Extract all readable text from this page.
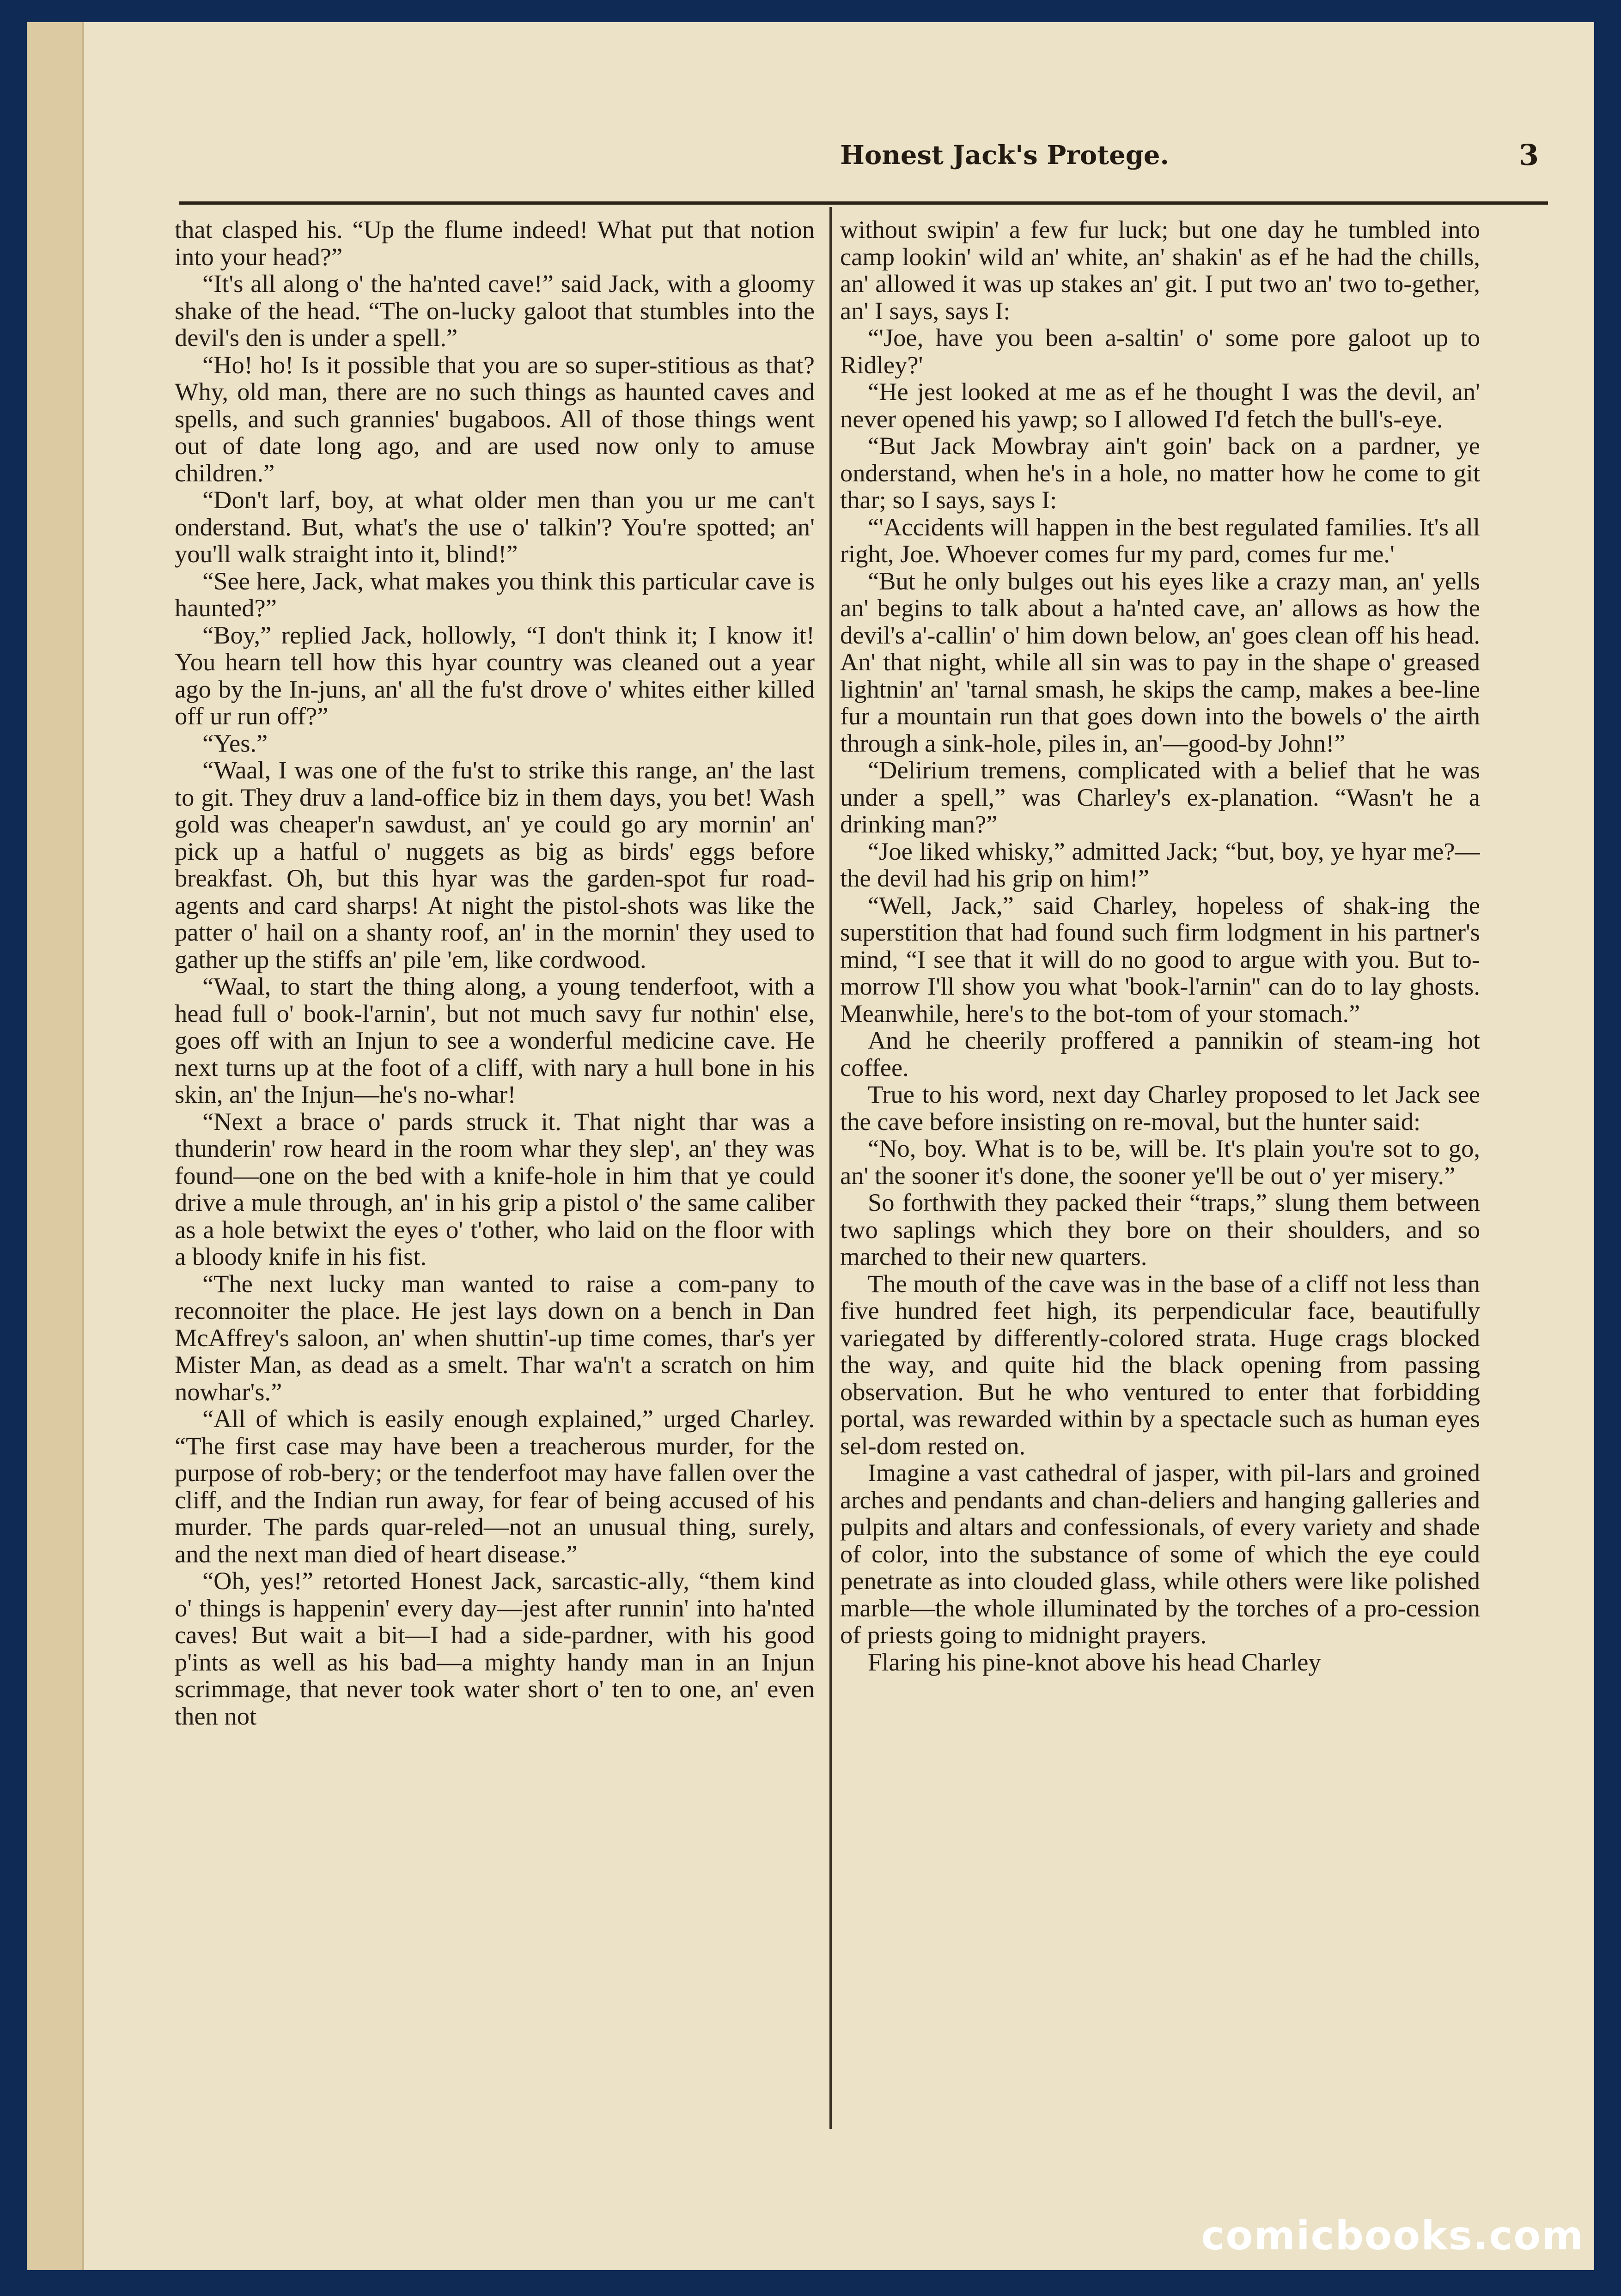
Honest Jack's Protege.	3

that clasped his. “Up the flume indeed! What put that notion into your head?”

“It's all along o' the ha'nted cave!” said Jack, with a gloomy shake of the head. “The on-lucky galoot that stumbles into the devil's den is under a spell.”

“Ho! ho! Is it possible that you are so super-stitious as that? Why, old man, there are no such things as haunted caves and spells, and such grannies' bugaboos. All of those things went out of date long ago, and are used now only to amuse children.”

“Don't larf, boy, at what older men than you ur me can't onderstand. But, what's the use o' talkin'? You're spotted; an' you'll walk straight into it, blind!”

“See here, Jack, what makes you think this particular cave is haunted?”

“Boy,” replied Jack, hollowly, “I don't think it; I know it! You hearn tell how this hyar country was cleaned out a year ago by the In-juns, an' all the fu'st drove o' whites either killed off ur run off?”

“Yes.”

“Waal, I was one of the fu'st to strike this range, an' the last to git. They druv a land-office biz in them days, you bet! Wash gold was cheaper'n sawdust, an' ye could go ary mornin' an' pick up a hatful o' nuggets as big as birds' eggs before breakfast. Oh, but this hyar was the garden-spot fur road-agents and card sharps! At night the pistol-shots was like the patter o' hail on a shanty roof, an' in the mornin' they used to gather up the stiffs an' pile 'em, like cordwood.

“Waal, to start the thing along, a young tenderfoot, with a head full o' book-l'arnin', but not much savy fur nothin' else, goes off with an Injun to see a wonderful medicine cave. He next turns up at the foot of a cliff, with nary a hull bone in his skin, an' the Injun—he's no-whar!

“Next a brace o' pards struck it. That night thar was a thunderin' row heard in the room whar they slep', an' they was found—one on the bed with a knife-hole in him that ye could drive a mule through, an' in his grip a pistol o' the same caliber as a hole betwixt the eyes o' t'other, who laid on the floor with a bloody knife in his fist.

“The next lucky man wanted to raise a com-pany to reconnoiter the place. He jest lays down on a bench in Dan McAffrey's saloon, an' when shuttin'-up time comes, thar's yer Mister Man, as dead as a smelt. Thar wa'n't a scratch on him nowhar's.”

“All of which is easily enough explained,” urged Charley. “The first case may have been a treacherous murder, for the purpose of rob-bery; or the tenderfoot may have fallen over the cliff, and the Indian run away, for fear of being accused of his murder. The pards quar-reled—not an unusual thing, surely, and the next man died of heart disease.”

“Oh, yes!” retorted Honest Jack, sarcastic-ally, “them kind o' things is happenin' every day—jest after runnin' into ha'nted caves! But wait a bit—I had a side-pardner, with his good p'ints as well as his bad—a mighty handy man in an Injun scrimmage, that never took water short o' ten to one, an' even then not

without swipin' a few fur luck; but one day he tumbled into camp lookin' wild an' white, an' shakin' as ef he had the chills, an' allowed it was up stakes an' git. I put two an' two to-gether, an' I says, says I:

“'Joe, have you been a-saltin' o' some pore galoot up to Ridley?'

“He jest looked at me as ef he thought I was the devil, an' never opened his yawp; so I allowed I'd fetch the bull's-eye.

“But Jack Mowbray ain't goin' back on a pardner, ye onderstand, when he's in a hole, no matter how he come to git thar; so I says, says I:

“'Accidents will happen in the best regulated families. It's all right, Joe. Whoever comes fur my pard, comes fur me.'

“But he only bulges out his eyes like a crazy man, an' yells an' begins to talk about a ha'nted cave, an' allows as how the devil's a'-callin' o' him down below, an' goes clean off his head. An' that night, while all sin was to pay in the shape o' greased lightnin' an' 'tarnal smash, he skips the camp, makes a bee-line fur a mountain run that goes down into the bowels o' the airth through a sink-hole, piles in, an'—good-by John!”

“Delirium tremens, complicated with a belief that he was under a spell,” was Charley's ex-planation. “Wasn't he a drinking man?”

“Joe liked whisky,” admitted Jack; “but, boy, ye hyar me?—the devil had his grip on him!”

“Well, Jack,” said Charley, hopeless of shak-ing the superstition that had found such firm lodgment in his partner's mind, “I see that it will do no good to argue with you. But to-morrow I'll show you what 'book-l'arnin'' can do to lay ghosts. Meanwhile, here's to the bot-tom of your stomach.”

And he cheerily proffered a pannikin of steam-ing hot coffee.

True to his word, next day Charley proposed to let Jack see the cave before insisting on re-moval, but the hunter said:

“No, boy. What is to be, will be. It's plain you're sot to go, an' the sooner it's done, the sooner ye'll be out o' yer misery.”

So forthwith they packed their “traps,” slung them between two saplings which they bore on their shoulders, and so marched to their new quarters.

The mouth of the cave was in the base of a cliff not less than five hundred feet high, its perpendicular face, beautifully variegated by differently-colored strata. Huge crags blocked the way, and quite hid the black opening from passing observation. But he who ventured to enter that forbidding portal, was rewarded within by a spectacle such as human eyes sel-dom rested on.

Imagine a vast cathedral of jasper, with pil-lars and groined arches and pendants and chan-deliers and hanging galleries and pulpits and altars and confessionals, of every variety and shade of color, into the substance of some of which the eye could penetrate as into clouded glass, while others were like polished marble—the whole illuminated by the torches of a pro-cession of priests going to midnight prayers.

Flaring his pine-knot above his head Charley

comicbooks.com
